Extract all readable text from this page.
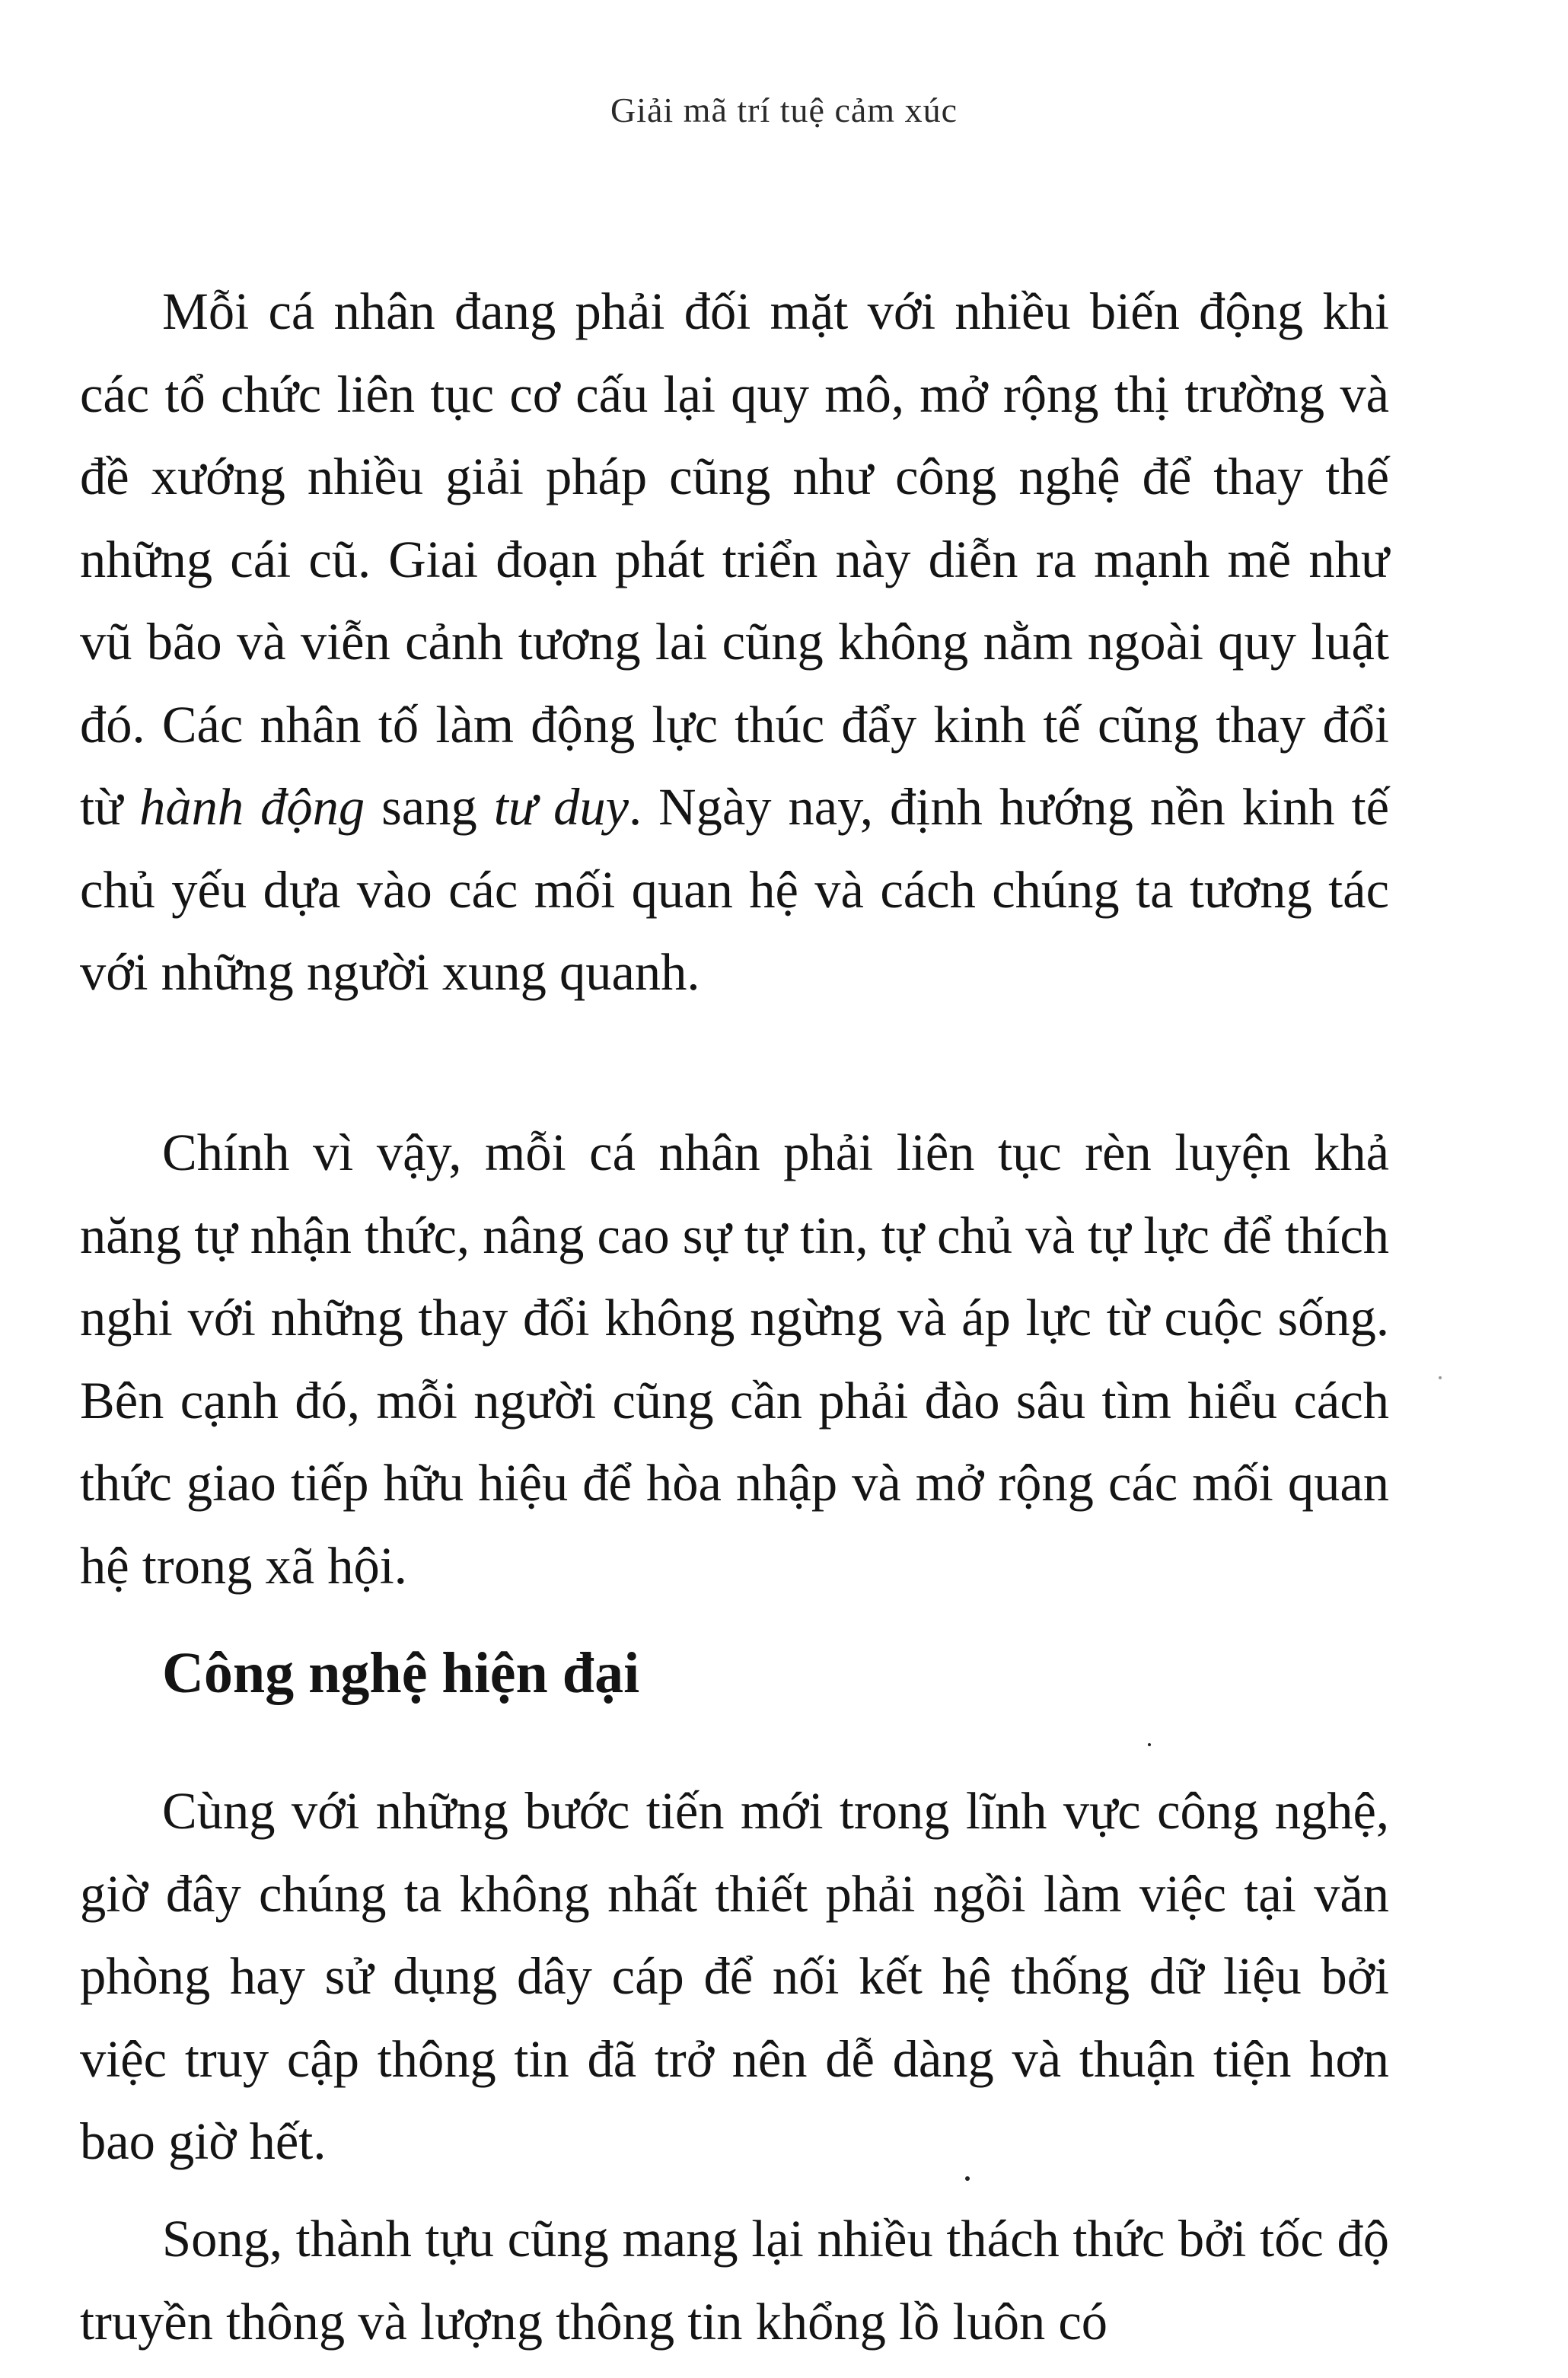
Giải mã trí tuệ cảm xúc

Mỗi cá nhân đang phải đối mặt với nhiều biến động khi các tổ chức liên tục cơ cấu lại quy mô, mở rộng thị trường và đề xướng nhiều giải pháp cũng như công nghệ để thay thế những cái cũ. Giai đoạn phát triển này diễn ra mạnh mẽ như vũ bão và viễn cảnh tương lai cũng không nằm ngoài quy luật đó. Các nhân tố làm động lực thúc đẩy kinh tế cũng thay đổi từ hành động sang tư duy. Ngày nay, định hướng nền kinh tế chủ yếu dựa vào các mối quan hệ và cách chúng ta tương tác với những người xung quanh.

Chính vì vậy, mỗi cá nhân phải liên tục rèn luyện khả năng tự nhận thức, nâng cao sự tự tin, tự chủ và tự lực để thích nghi với những thay đổi không ngừng và áp lực từ cuộc sống. Bên cạnh đó, mỗi người cũng cần phải đào sâu tìm hiểu cách thức giao tiếp hữu hiệu để hòa nhập và mở rộng các mối quan hệ trong xã hội.

Công nghệ hiện đại

Cùng với những bước tiến mới trong lĩnh vực công nghệ, giờ đây chúng ta không nhất thiết phải ngồi làm việc tại văn phòng hay sử dụng dây cáp để nối kết hệ thống dữ liệu bởi việc truy cập thông tin đã trở nên dễ dàng và thuận tiện hơn bao giờ hết.

Song, thành tựu cũng mang lại nhiều thách thức bởi tốc độ truyền thông và lượng thông tin khổng lồ luôn có
